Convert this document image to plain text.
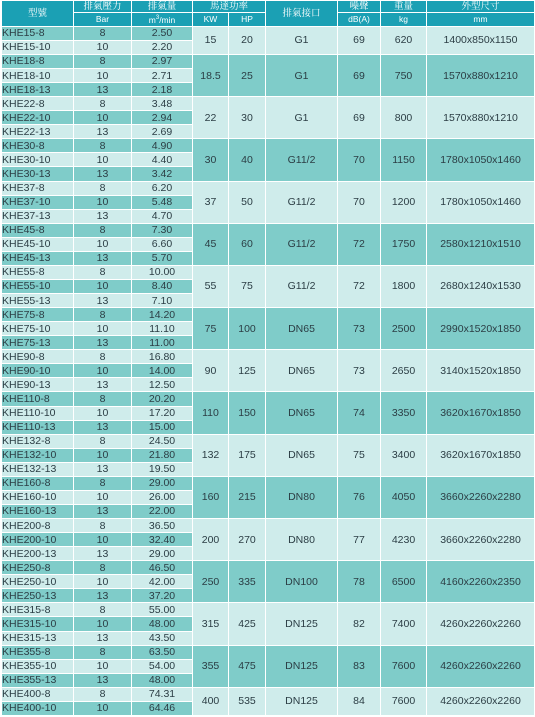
型號	排氣壓力	排氣量	馬達功率		排氣接口	噪聲	重量	外型尺寸
	Bar	$m^3/\min$	KW	HP		dB(A)	kg	mm
KHE15-8	8	2.50	15	20	G1	69	620	1400x850x1150
KHE15-10	10	2.20						
KHE18-8	8	2.97	18.5	25	G1	69	750	1570x880x1210
KHE18-10	10	2.71						
KHE18-13	13	2.18						
KHE22-8	8	3.48	22	30	G1	69	800	1570x880x1210
KHE22-10	10	2.94						
KHE22-13	13	2.69						
KHE30-8	8	4.90	30	40	G11/2	70	1150	1780x1050x1460
KHE30-10	10	4.40						
KHE30-13	13	3.42						
KHE37-8	8	6.20	37	50	G11/2	70	1200	1780x1050x1460
KHE37-10	10	5.48						
KHE37-13	13	4.70						
KHE45-8	8	7.30	45	60	G11/2	72	1750	2580x1210x1510
KHE45-10	10	6.60						
KHE45-13	13	5.70						
KHE55-8	8	10.00	55	75	G11/2	72	1800	2680x1240x1530
KHE55-10	10	8.40						
KHE55-13	13	7.10						
KHE75-8	8	14.20	75	100	DN65	73	2500	2990x1520x1850
KHE75-10	10	11.10						
KHE75-13	13	11.00						
KHE90-8	8	16.80	90	125	DN65	73	2650	3140x1520x1850
KHE90-10	10	14.00						
KHE90-13	13	12.50						
KHE110-8	8	20.20	110	150	DN65	74	3350	3620x1670x1850
KHE110-10	10	17.20						
KHE110-13	13	15.00						
KHE132-8	8	24.50	132	175	DN65	75	3400	3620x1670x1850
KHE132-10	10	21.80						
KHE132-13	13	19.50						
KHE160-8	8	29.00	160	215	DN80	76	4050	3660x2260x2280
KHE160-10	10	26.00						
KHE160-13	13	22.00						
KHE200-8	8	36.50	200	270	DN80	77	4230	3660x2260x2280
KHE200-10	10	32.40						
KHE200-13	13	29.00						
KHE250-8	8	46.50	250	335	DN100	78	6500	4160x2260x2350
KHE250-10	10	42.00						
KHE250-13	13	37.20						
KHE315-8	8	55.00	315	425	DN125	82	7400	4260x2260x2260
KHE315-10	10	48.00						
KHE315-13	13	43.50						
KHE355-8	8	63.50	355	475	DN125	83	7600	4260x2260x2260
KHE355-10	10	54.00						
KHE355-13	13	48.00						
KHE400-8	8	74.31	400	535	DN125	84	7600	4260x2260x2260
KHE400-10	10	64.46						
